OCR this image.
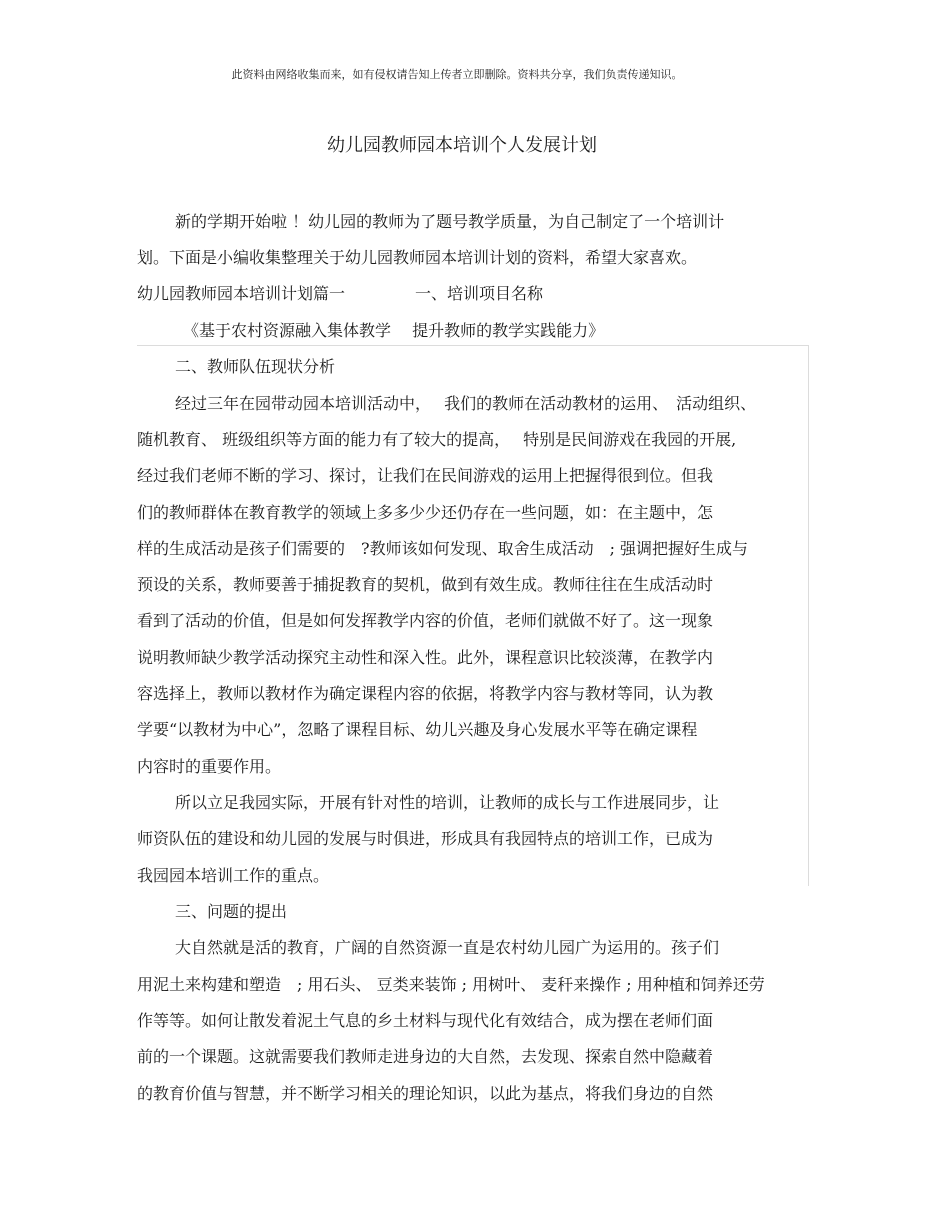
此资料由网络收集而来，如有侵权请告知上传者立即删除。资料共分享，我们负责传递知识。
幼儿园教师园本培训个人发展计划
新的学期开始啦 ！幼儿园的教师为了题号教学质量，为自己制定了一个培训计
划。下面是小编收集整理关于幼儿园教师园本培训计划的资料，希望大家喜欢。
幼儿园教师园本培训计划篇一	一、培训项目名称
《基于农村资源融入集体教学　 提升教师的教学实践能力》
二、教师队伍现状分析
经过三年在园带动园本培训活动中，　 我们的教师在活动教材的运用、　活动组织、
随机教育、 班级组织等方面的能力有了较大的提高，　 特别是民间游戏在我园的开展,
经过我们老师不断的学习、探讨，让我们在民间游戏的运用上把握得很到位。但我
们的教师群体在教育教学的领域上多多少少还仍存在一些问题，如：在主题中，怎
样的生成活动是孩子们需要的　?教师该如何发现、取舍生成活动　; 强调把握好生成与
预设的关系，教师要善于捕捉教育的契机，做到有效生成。教师往往在生成活动时
看到了活动的价值，但是如何发挥教学内容的价值，老师们就做不好了。这一现象
说明教师缺少教学活动探究主动性和深入性。此外，课程意识比较淡薄，在教学内
容选择上，教师以教材作为确定课程内容的依据，将教学内容与教材等同，认为教
学要“以教材为中心”，忽略了课程目标、幼儿兴趣及身心发展水平等在确定课程
内容时的重要作用。
所以立足我园实际，开展有针对性的培训，让教师的成长与工作进展同步，让
师资队伍的建设和幼儿园的发展与时俱进，形成具有我园特点的培训工作，已成为
我园园本培训工作的重点。
三、问题的提出
大自然就是活的教育，广阔的自然资源一直是农村幼儿园广为运用的。孩子们
用泥土来构建和塑造　; 用石头、 豆类来装饰 ; 用树叶、 麦秆来操作 ; 用种植和饲养还劳
作等等。如何让散发着泥土气息的乡土材料与现代化有效结合，成为摆在老师们面
前的一个课题。这就需要我们教师走进身边的大自然，去发现、探索自然中隐藏着
的教育价值与智慧，并不断学习相关的理论知识，以此为基点，将我们身边的自然
